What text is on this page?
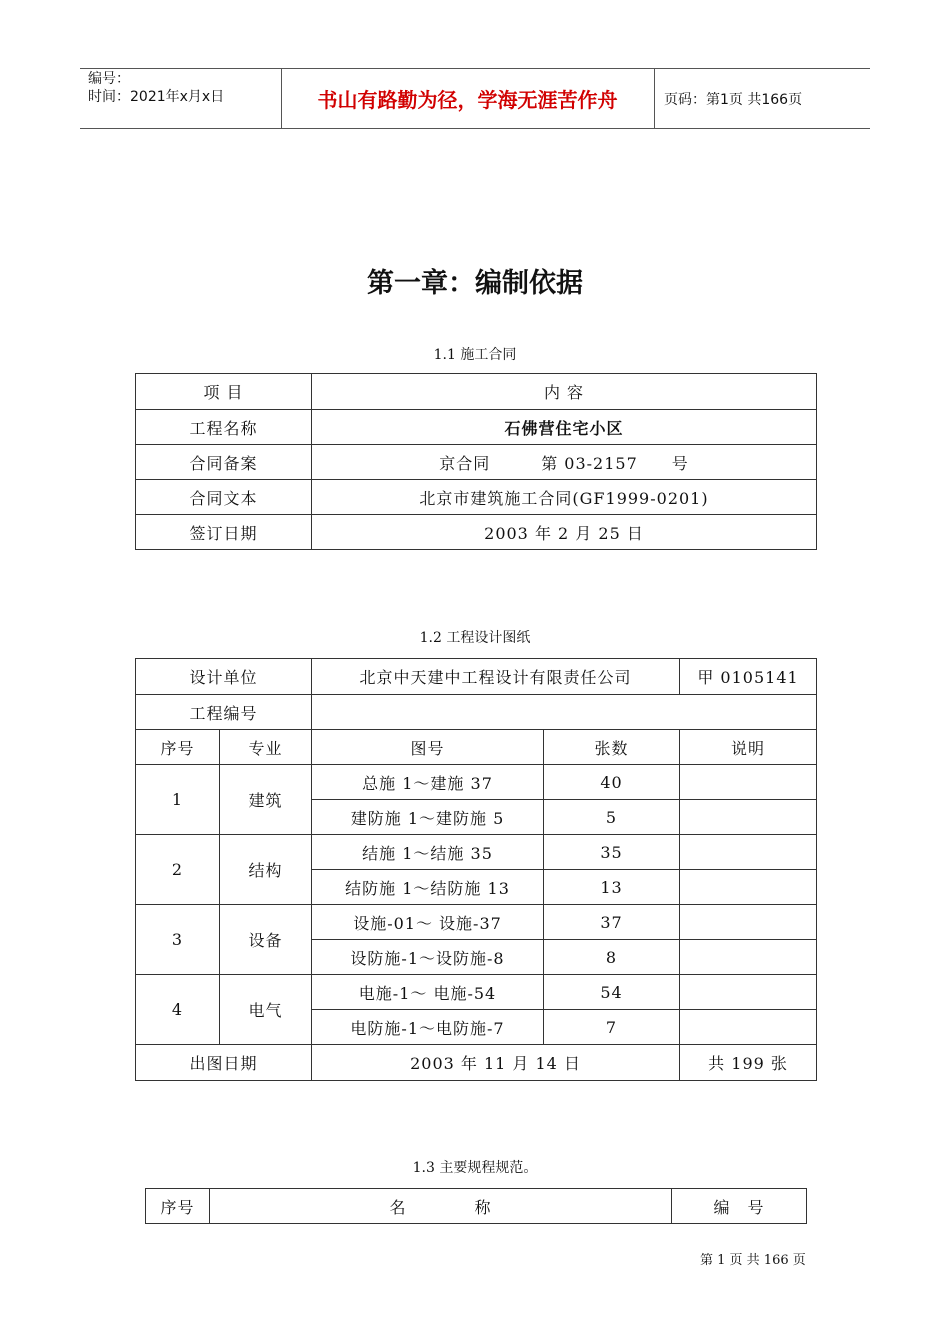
编号：
时间：2021年x月x日	书山有路勤为径，学海无涯苦作舟	页码：第1页 共166页
第一章：编制依据
1.1 施工合同
项 目	内 容
工程名称	石佛营住宅小区
合同备案	京合同　　　第 03-2157　　号
合同文本	北京市建筑施工合同(GF1999-0201)
签订日期	2003 年 2 月 25 日
1.2 工程设计图纸
设计单位		北京中天建中工程设计有限责任公司		甲 0105141
工程编号				
序号	专业	图号	张数	说明
1	建筑	总施 1～建施 37	40	
		建防施 1～建防施 5	5	
2	结构	结施 1～结施 35	35	
		结防施 1～结防施 13	13	
3	设备	设施-01～ 设施-37	37	
		设防施-1～设防施-8	8	
4	电气	电施-1～ 电施-54	54	
		电防施-1～电防施-7	7	
出图日期		2003 年 11 月 14 日		共 199 张
1.3 主要规程规范。
序号	名　　　　称	编　号
第 1 页 共 166 页
